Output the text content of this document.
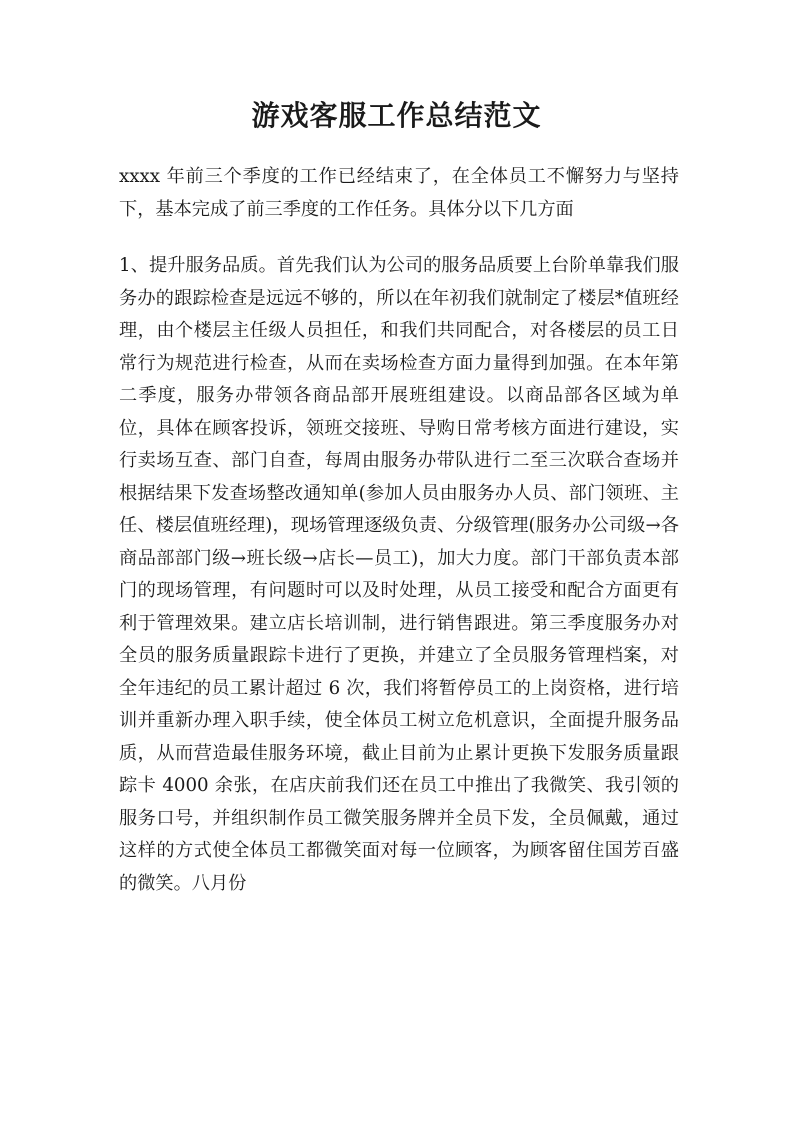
游戏客服工作总结范文

xxxx 年前三个季度的工作已经结束了，在全体员工不懈努力与坚持下，基本完成了前三季度的工作任务。具体分以下几方面

1、提升服务品质。首先我们认为公司的服务品质要上台阶单靠我们服务办的跟踪检查是远远不够的，所以在年初我们就制定了楼层*值班经理，由个楼层主任级人员担任，和我们共同配合，对各楼层的员工日常行为规范进行检查，从而在卖场检查方面力量得到加强。在本年第二季度，服务办带领各商品部开展班组建设。以商品部各区域为单位，具体在顾客投诉，领班交接班、导购日常考核方面进行建设，实行卖场互查、部门自查，每周由服务办带队进行二至三次联合查场并根据结果下发查场整改通知单(参加人员由服务办人员、部门领班、主任、楼层值班经理)，现场管理逐级负责、分级管理(服务办公司级→各商品部部门级→班长级→店长—员工)，加大力度。部门干部负责本部门的现场管理，有问题时可以及时处理，从员工接受和配合方面更有利于管理效果。建立店长培训制，进行销售跟进。第三季度服务办对全员的服务质量跟踪卡进行了更换，并建立了全员服务管理档案，对全年违纪的员工累计超过 6 次，我们将暂停员工的上岗资格，进行培训并重新办理入职手续，使全体员工树立危机意识，全面提升服务品质，从而营造最佳服务环境，截止目前为止累计更换下发服务质量跟踪卡 4000 余张，在店庆前我们还在员工中推出了我微笑、我引领的服务口号，并组织制作员工微笑服务牌并全员下发，全员佩戴，通过这样的方式使全体员工都微笑面对每一位顾客，为顾客留住国芳百盛的微笑。八月份
